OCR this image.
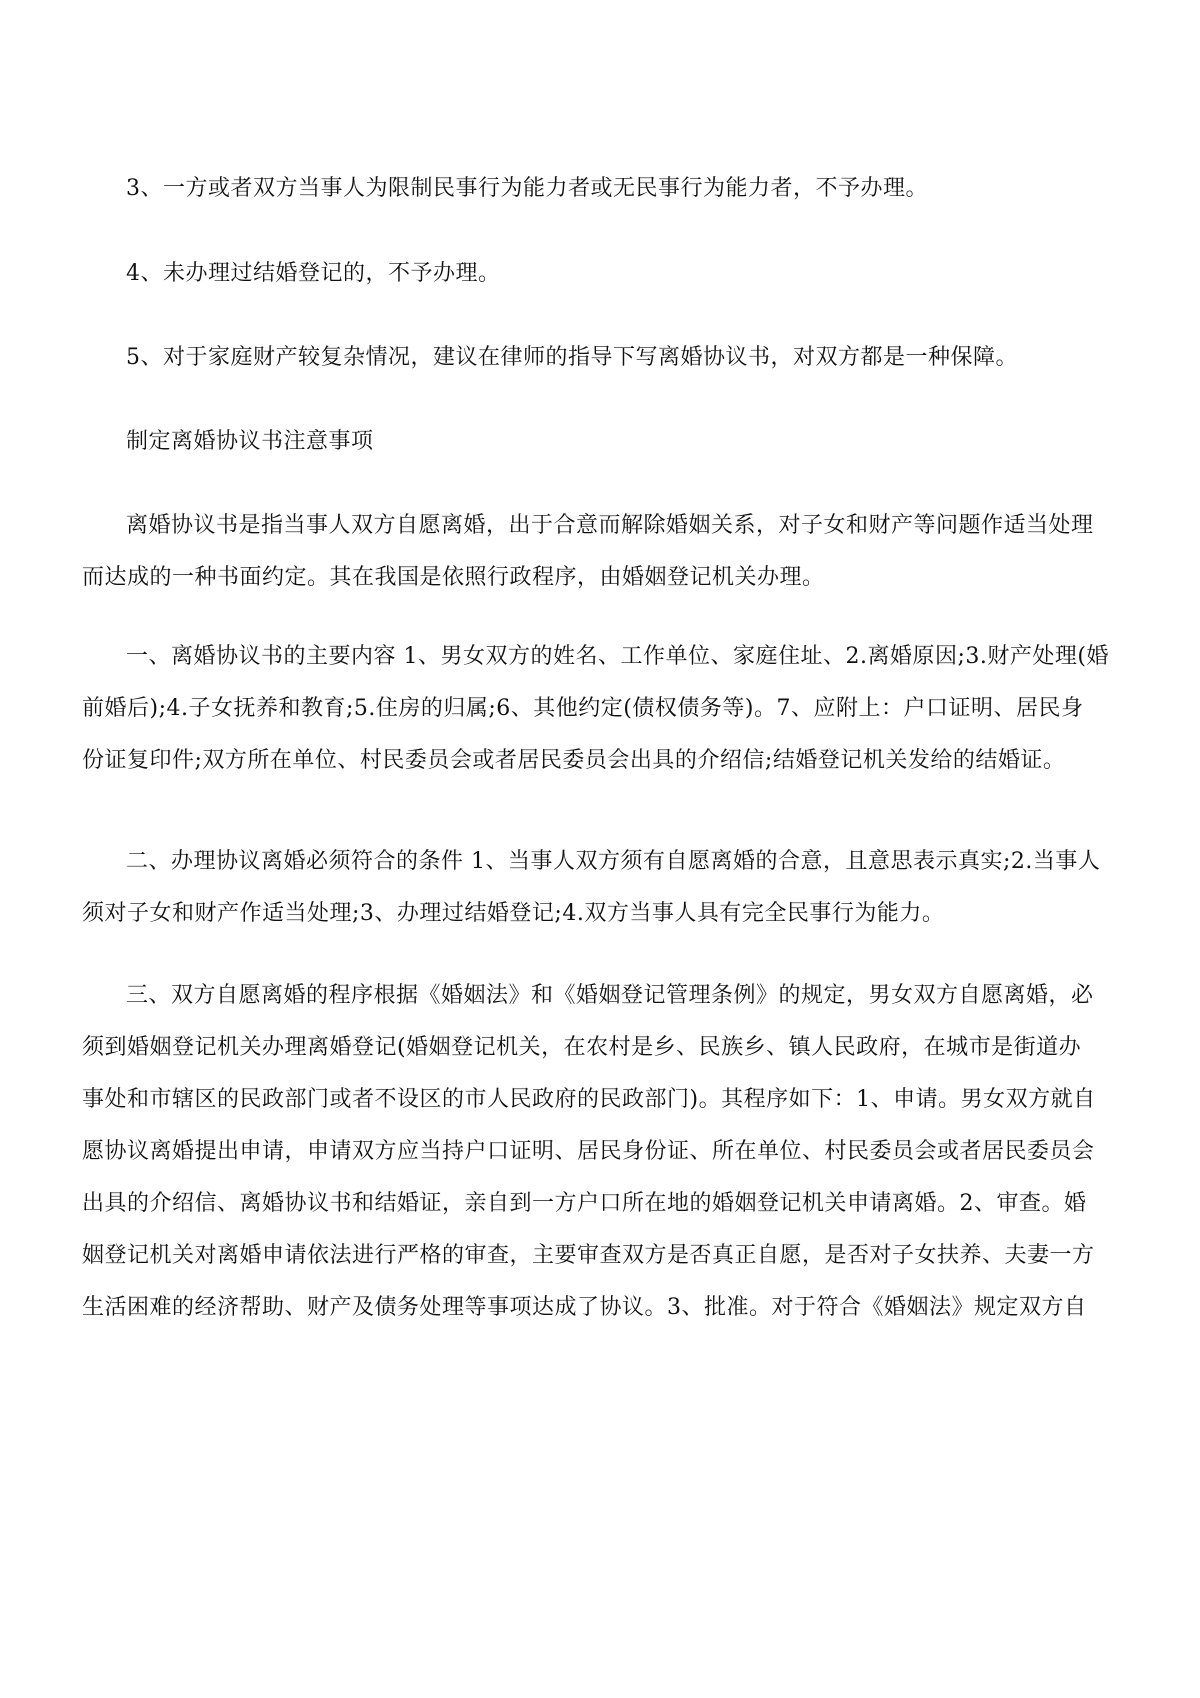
3、一方或者双方当事人为限制民事行为能力者或无民事行为能力者，不予办理。

4、未办理过结婚登记的，不予办理。

5、对于家庭财产较复杂情况，建议在律师的指导下写离婚协议书，对双方都是一种保障。

制定离婚协议书注意事项

离婚协议书是指当事人双方自愿离婚，出于合意而解除婚姻关系，对子女和财产等问题作适当处理
而达成的一种书面约定。其在我国是依照行政程序，由婚姻登记机关办理。

一、离婚协议书的主要内容 1、男女双方的姓名、工作单位、家庭住址、2.离婚原因;3.财产处理(婚
前婚后);4.子女抚养和教育;5.住房的归属;6、其他约定(债权债务等)。7、应附上：户口证明、居民身
份证复印件;双方所在单位、村民委员会或者居民委员会出具的介绍信;结婚登记机关发给的结婚证。

二、办理协议离婚必须符合的条件 1、当事人双方须有自愿离婚的合意，且意思表示真实;2.当事人
须对子女和财产作适当处理;3、办理过结婚登记;4.双方当事人具有完全民事行为能力。

三、双方自愿离婚的程序根据《婚姻法》和《婚姻登记管理条例》的规定，男女双方自愿离婚，必
须到婚姻登记机关办理离婚登记(婚姻登记机关，在农村是乡、民族乡、镇人民政府，在城市是街道办
事处和市辖区的民政部门或者不设区的市人民政府的民政部门)。其程序如下：1、申请。男女双方就自
愿协议离婚提出申请，申请双方应当持户口证明、居民身份证、所在单位、村民委员会或者居民委员会
出具的介绍信、离婚协议书和结婚证，亲自到一方户口所在地的婚姻登记机关申请离婚。2、审查。婚
姻登记机关对离婚申请依法进行严格的审查，主要审查双方是否真正自愿，是否对子女扶养、夫妻一方
生活困难的经济帮助、财产及债务处理等事项达成了协议。3、批准。对于符合《婚姻法》规定双方自
